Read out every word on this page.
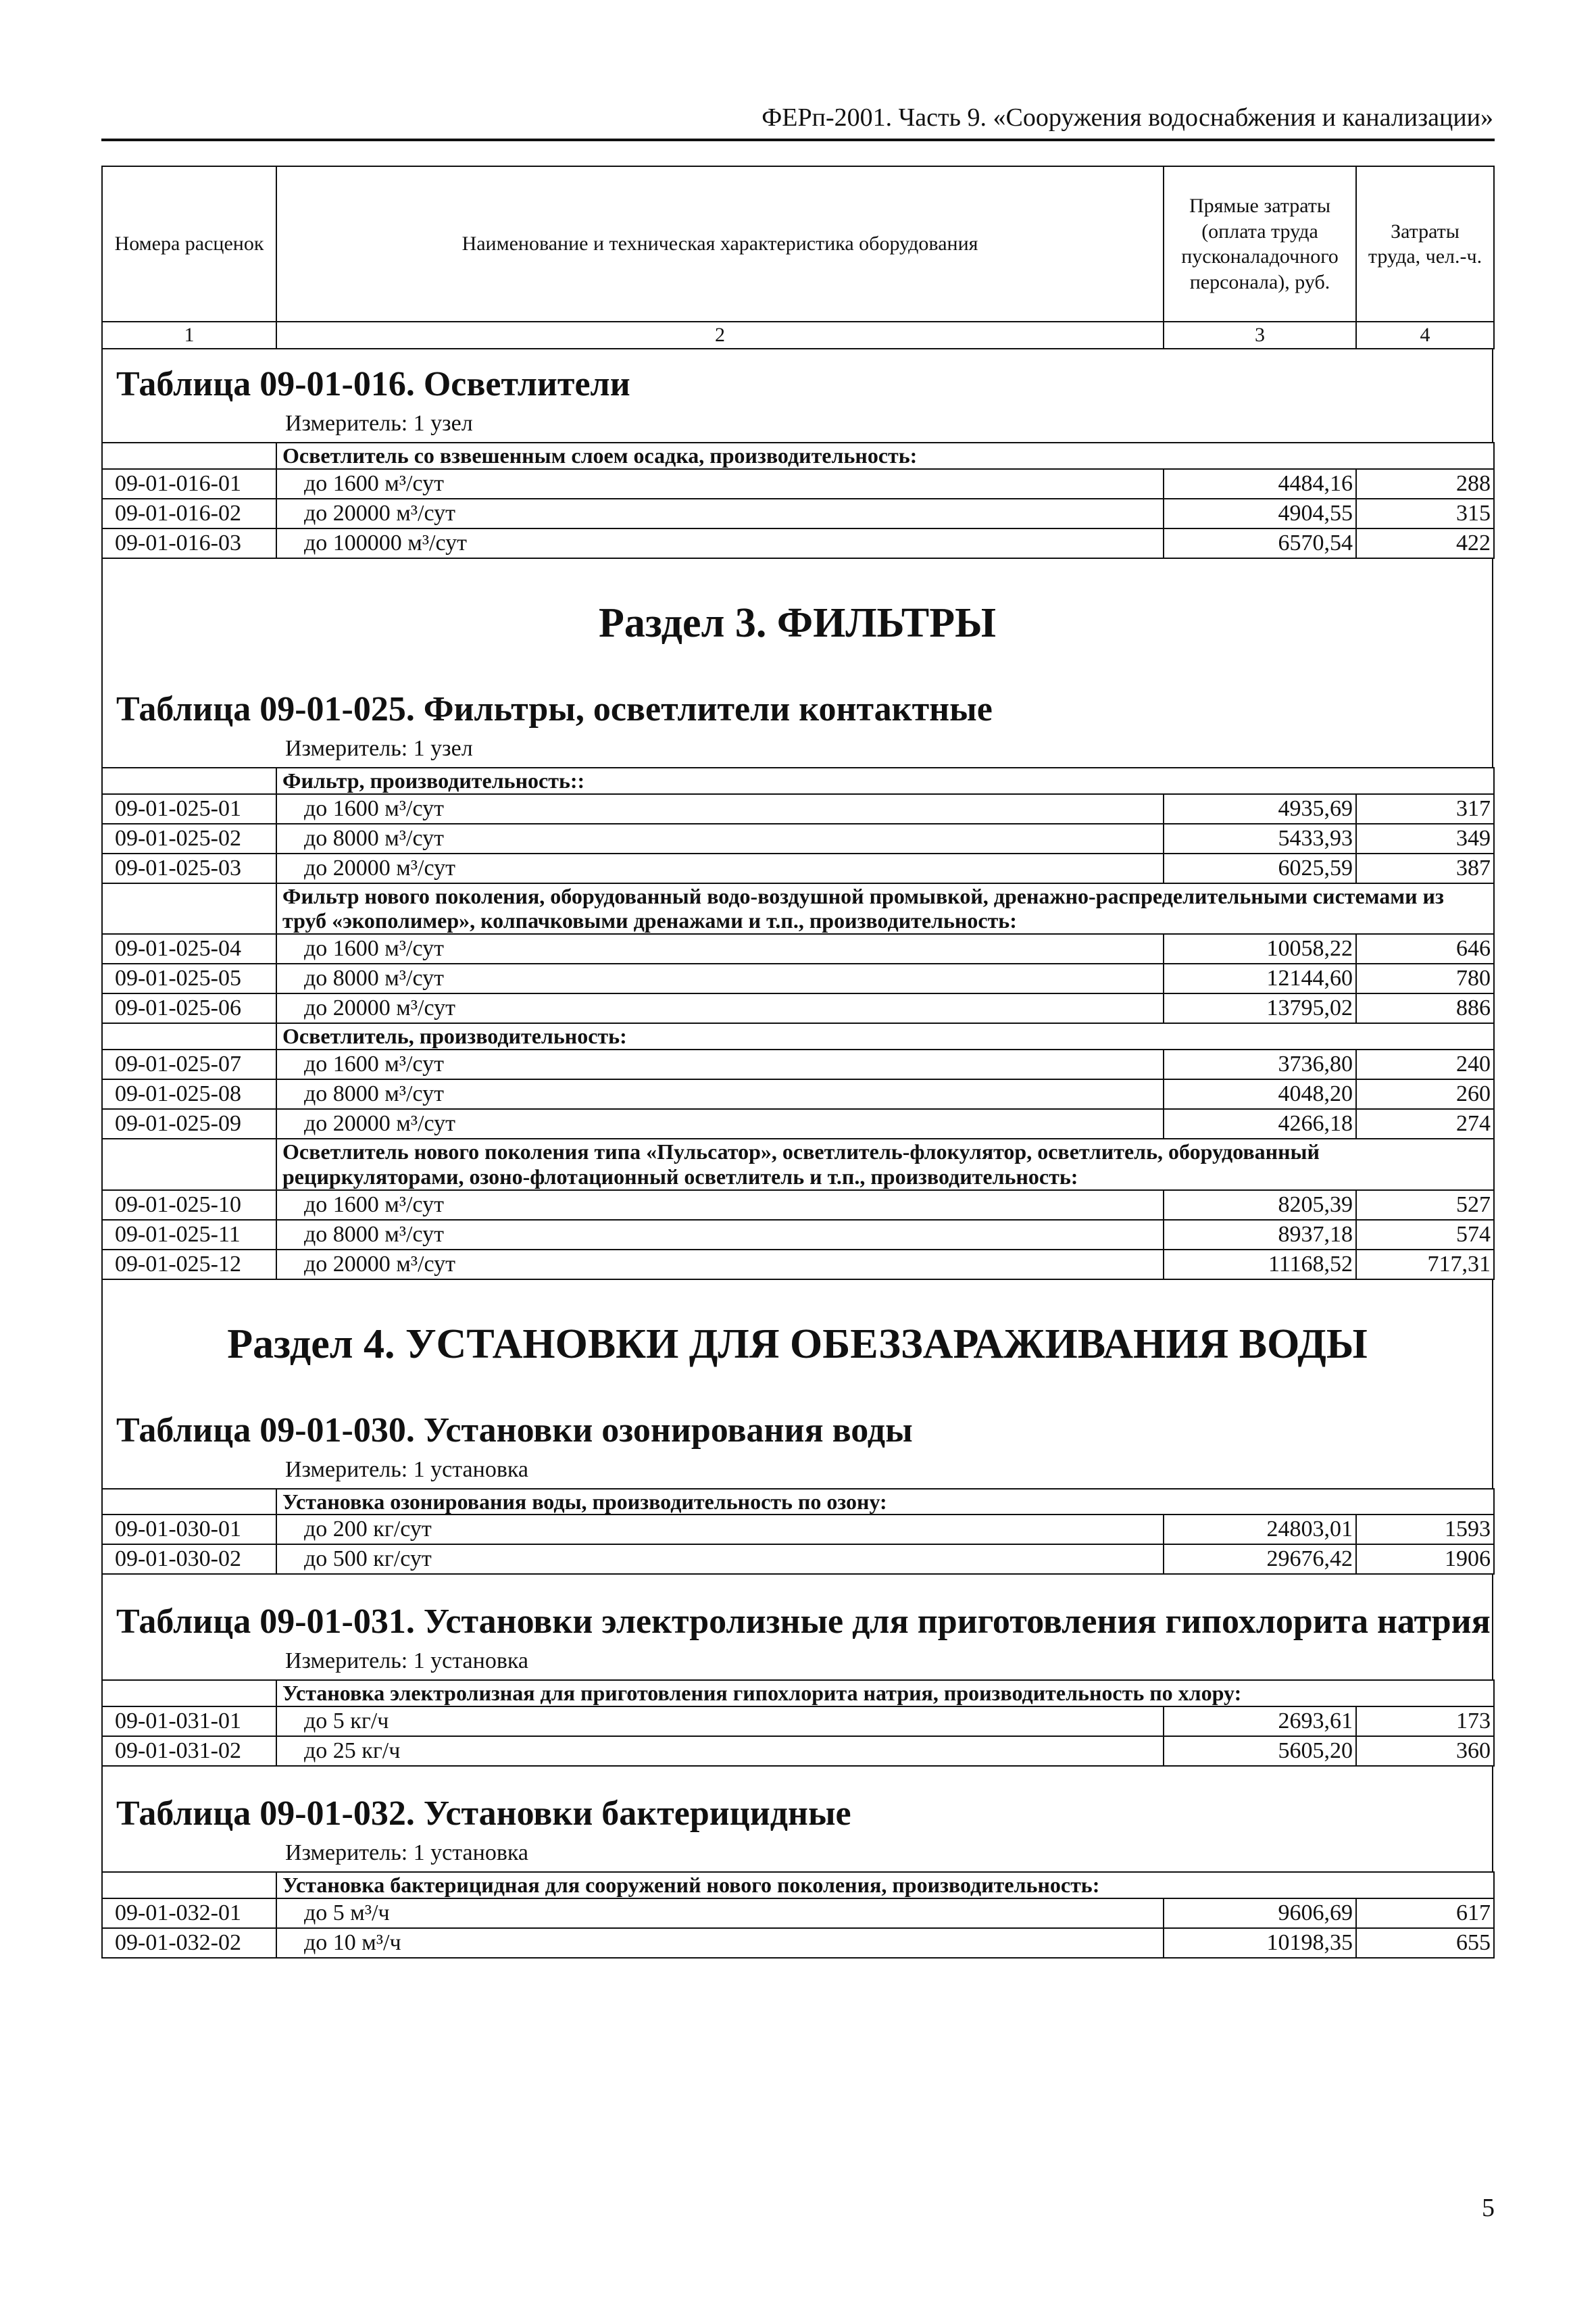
ФЕРп-2001. Часть 9. «Сооружения водоснабжения и канализации»
Номера расценок	Наименование и техническая характеристика оборудования	Прямые затраты (оплата труда пусконаладочного персонала), руб.	Затраты труда, чел.-ч.
1	2	3	4
Таблица 09-01-016. Осветлители
Измеритель: 1 узел
	Осветлитель со взвешенным слоем осадка, производительность:		
09-01-016-01	до 1600 м³/сут	4484,16	288
09-01-016-02	до 20000 м³/сут	4904,55	315
09-01-016-03	до 100000 м³/сут	6570,54	422
Раздел 3. ФИЛЬТРЫ
Таблица 09-01-025. Фильтры, осветлители контактные
Измеритель: 1 узел
	Фильтр, производительность::		
09-01-025-01	до 1600 м³/сут	4935,69	317
09-01-025-02	до 8000 м³/сут	5433,93	349
09-01-025-03	до 20000 м³/сут	6025,59	387
	Фильтр нового поколения, оборудованный водо-воздушной промывкой, дренажно-распределительными системами из труб «экополимер», колпачковыми дренажами и т.п., производительность:		
09-01-025-04	до 1600 м³/сут	10058,22	646
09-01-025-05	до 8000 м³/сут	12144,60	780
09-01-025-06	до 20000 м³/сут	13795,02	886
	Осветлитель, производительность:		
09-01-025-07	до 1600 м³/сут	3736,80	240
09-01-025-08	до 8000 м³/сут	4048,20	260
09-01-025-09	до 20000 м³/сут	4266,18	274
	Осветлитель нового поколения типа «Пульсатор», осветлитель-флокулятор, осветлитель, оборудованный рециркуляторами, озоно-флотационный осветлитель и т.п., производительность:		
09-01-025-10	до 1600 м³/сут	8205,39	527
09-01-025-11	до 8000 м³/сут	8937,18	574
09-01-025-12	до 20000 м³/сут	11168,52	717,31
Раздел 4. УСТАНОВКИ ДЛЯ ОБЕЗЗАРАЖИВАНИЯ ВОДЫ
Таблица 09-01-030. Установки озонирования воды
Измеритель: 1 установка
	Установка озонирования воды, производительность по озону:		
09-01-030-01	до 200 кг/сут	24803,01	1593
09-01-030-02	до 500 кг/сут	29676,42	1906
Таблица 09-01-031. Установки электролизные для приготовления гипохлорита натрия
Измеритель: 1 установка
	Установка электролизная для приготовления гипохлорита натрия, производительность по хлору:		
09-01-031-01	до 5 кг/ч	2693,61	173
09-01-031-02	до 25 кг/ч	5605,20	360
Таблица 09-01-032. Установки бактерицидные
Измеритель: 1 установка
	Установка бактерицидная для сооружений нового поколения, производительность:		
09-01-032-01	до 5 м³/ч	9606,69	617
09-01-032-02	до 10 м³/ч	10198,35	655
5
